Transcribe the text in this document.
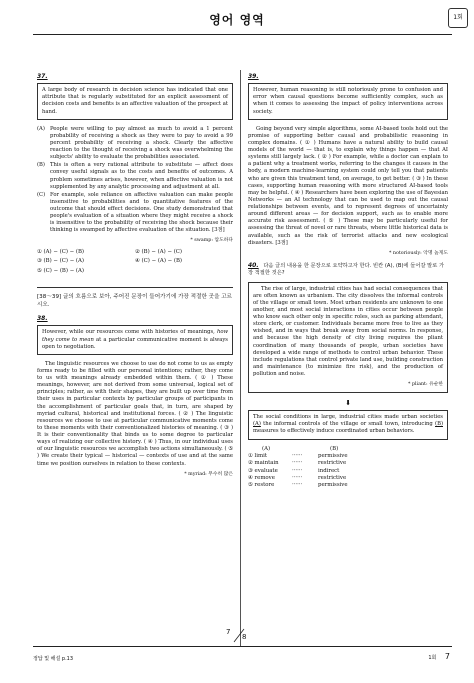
영어 영역	1회
37.
A large body of research in decision science has indicated that one attribute that is regularly substituted for an explicit assessment of decision costs and benefits is an affective valuation of the prospect at hand.
(A) People were willing to pay almost as much to avoid a 1 percent probability of receiving a shock as they were to pay to avoid a 99 percent probability of receiving a shock. Clearly the affective reaction to the thought of receiving a shock was overwhelming the subjects' ability to evaluate the probabilities associated.
(B) This is often a very rational attribute to substitute — affect does convey useful signals as to the costs and benefits of outcomes. A problem sometimes arises, however, when affective valuation is not supplemented by any analytic processing and adjustment at all.
(C) For example, sole reliance on affective valuation can make people insensitive to probabilities and to quantitative features of the outcome that should effect decisions. One study demonstrated that people's evaluation of a situation where they might receive a shock is insensitive to the probability of receiving the shock because their thinking is swamped by affective evaluation of the situation. [3점]
* swamp: 압도하다
① (A) − (C) − (B)	② (B) − (A) − (C)
③ (B) − (C) − (A)	④ (C) − (A) − (B)
⑤ (C) − (B) − (A)
[38～39] 글의 흐름으로 보아, 주어진 문장이 들어가기에 가장 적절한 곳을 고르시오.
38.
However, while our resources come with histories of meanings, how they come to mean at a particular communicative moment is always open to negotiation.

The linguistic resources we choose to use do not come to us as empty forms ready to be filled with our personal intentions; rather, they come to us with meanings already embedded within them. ( ① ) These meanings, however, are not derived from some universal, logical set of principles; rather, as with their shapes, they are built up over time from their uses in particular contexts by particular groups of participants in the accomplishment of particular goals that, in turn, are shaped by myriad cultural, historical and institutional forces. ( ② ) The linguistic resources we choose to use at particular communicative moments come to these moments with their conventionalized histories of meaning. ( ③ ) It is their conventionality that binds us to some degree to particular ways of realizing our collective history. ( ④ ) Thus, in our individual uses of our linguistic resources we accomplish two actions simultaneously. ( ⑤ ) We create their typical — historical — contexts of use and at the same time we position ourselves in relation to these contexts.

* myriad: 무수히 많은
39.
However, human reasoning is still notoriously prone to confusion and error when causal questions become sufficiently complex, such as when it comes to assessing the impact of policy interventions across society.

Going beyond very simple algorithms, some AI-based tools hold out the promise of supporting better causal and probabilistic reasoning in complex domains. ( ① ) Humans have a natural ability to build causal models of the world — that is, to explain why things happen — that AI systems still largely lack. ( ② ) For example, while a doctor can explain to a patient why a treatment works, referring to the changes it causes in the body, a modern machine-learning system could only tell you that patients who are given this treatment tend, on average, to get better. ( ③ ) In these cases, supporting human reasoning with more structured AI-based tools may be helpful. ( ④ ) Researchers have been exploring the use of Bayesian Networks — an AI technology that can be used to map out the causal relationships between events, and to represent degrees of uncertainty around different areas — for decision support, such as to enable more accurate risk assessment. ( ⑤ ) These may be particularly useful for assessing the threat of novel or rare threats, where little historical data is available, such as the risk of terrorist attacks and new ecological disasters. [3점]

* notoriously: 악명 높게도
40. 다음 글의 내용을 한 문장으로 요약하고자 한다. 빈칸 (A), (B)에 들어갈 말로 가장 적절한 것은?

The rise of large, industrial cities has had social consequences that are often known as urbanism. The city dissolves the informal controls of the village or small town. Most urban residents are unknown to one another, and most social interactions in cities occur between people who know each other only in specific roles, such as parking attendant, store clerk, or customer. Individuals became more free to live as they wished, and in ways that break away from social norms. In response, and because the high density of city living requires the pliant coordination of many thousands of people, urban societies have developed a wide range of methods to control urban behavior. These include regulations that control private land use, building construction and maintenance (to minimize fire risk), and the production of pollution and noise.

* pliant: 유순한
⬇
The social conditions in large, industrial cities made urban societies (A) the informal controls of the village or small town, introducing (B) measures to effectively induce coordinated urban behaviors.
(A)	(B)
① limit	······	permissive
② maintain	······	restrictive
③ evaluate	······	indirect
④ remove	······	restrictive
⑤ restore	······	permissive
7
8
정답 및 해설 p.13	1회 7
